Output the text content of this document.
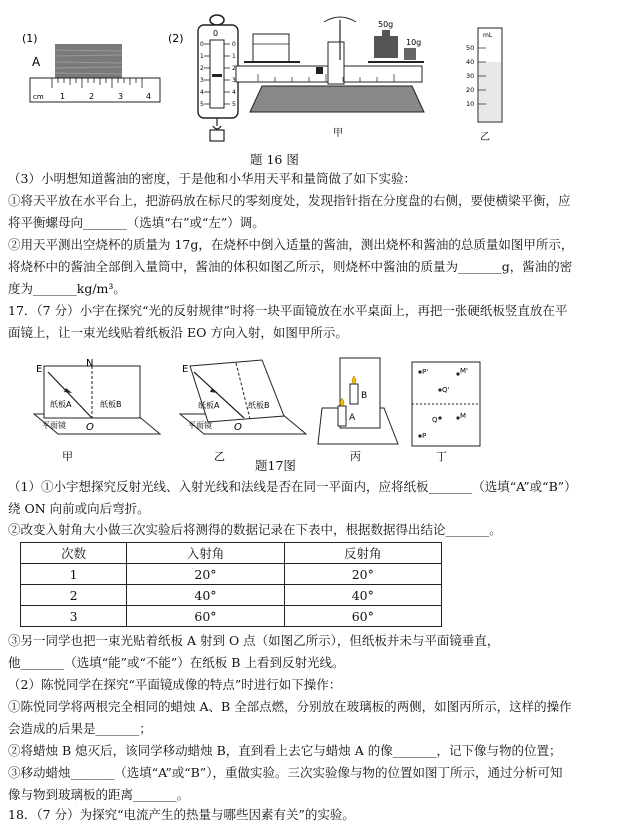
(1)
A
cm 1	2	3	4
(2)	0
0
1
2
3
4
5
0
1
2
3
4
5
50g
10g
甲
mL
50
40
30
20
10
乙
题 16 图
（3）小明想知道酱油的密度，于是他和小华用天平和量筒做了如下实验：
①将天平放在水平台上，把游码放在标尺的零刻度处，发现指针指在分度盘的右侧，要使横梁平衡，应
将平衡螺母向_______（选填“右”或“左”）调。
②用天平测出空烧杯的质量为 17g，在烧杯中倒入适量的酱油，测出烧杯和酱油的总质量如图甲所示，
将烧杯中的酱油全部倒入量筒中，酱油的体积如图乙所示，则烧杯中酱油的质量为_______g，酱油的密
度为_______kg/m³。
17．（7 分）小宇在探究“光的反射规律”时将一块平面镜放在水平桌面上，再把一张硬纸板竖直放在平
面镜上，让一束光线贴着纸板沿 EO 方向入射，如图甲所示。
E
N
纸板A	纸板B
平面镜 O
甲
E
纸板A	纸板B
平面镜 O
乙
B
A
丙
P'	M'
Q'
Q	M
P
丁
题17图
（1）①小宇想探究反射光线、入射光线和法线是否在同一平面内，应将纸板_______（选填“A”或“B”）
绕 ON 向前或向后弯折。
②改变入射角大小做三次实验后将测得的数据记录在下表中，根据数据得出结论_______。
次数	入射角	反射角
1	20°	20°
2	40°	40°
3	60°	60°
③另一同学也把一束光贴着纸板 A 射到 O 点（如图乙所示），但纸板并未与平面镜垂直，
他_______（选填“能”或“不能”）在纸板 B 上看到反射光线。
（2）陈悦同学在探究“平面镜成像的特点”时进行如下操作：
①陈悦同学将两根完全相同的蜡烛 A、B 全部点燃，分别放在玻璃板的两侧，如图丙所示，这样的操作
会造成的后果是_______；
②将蜡烛 B 熄灭后，该同学移动蜡烛 B，直到看上去它与蜡烛 A 的像_______，记下像与物的位置；
③移动蜡烛_______（选填“A”或“B”），重做实验。三次实验像与物的位置如图丁所示，通过分析可知
像与物到玻璃板的距离_______。
18．（7 分）为探究“电流产生的热量与哪些因素有关”的实验。
